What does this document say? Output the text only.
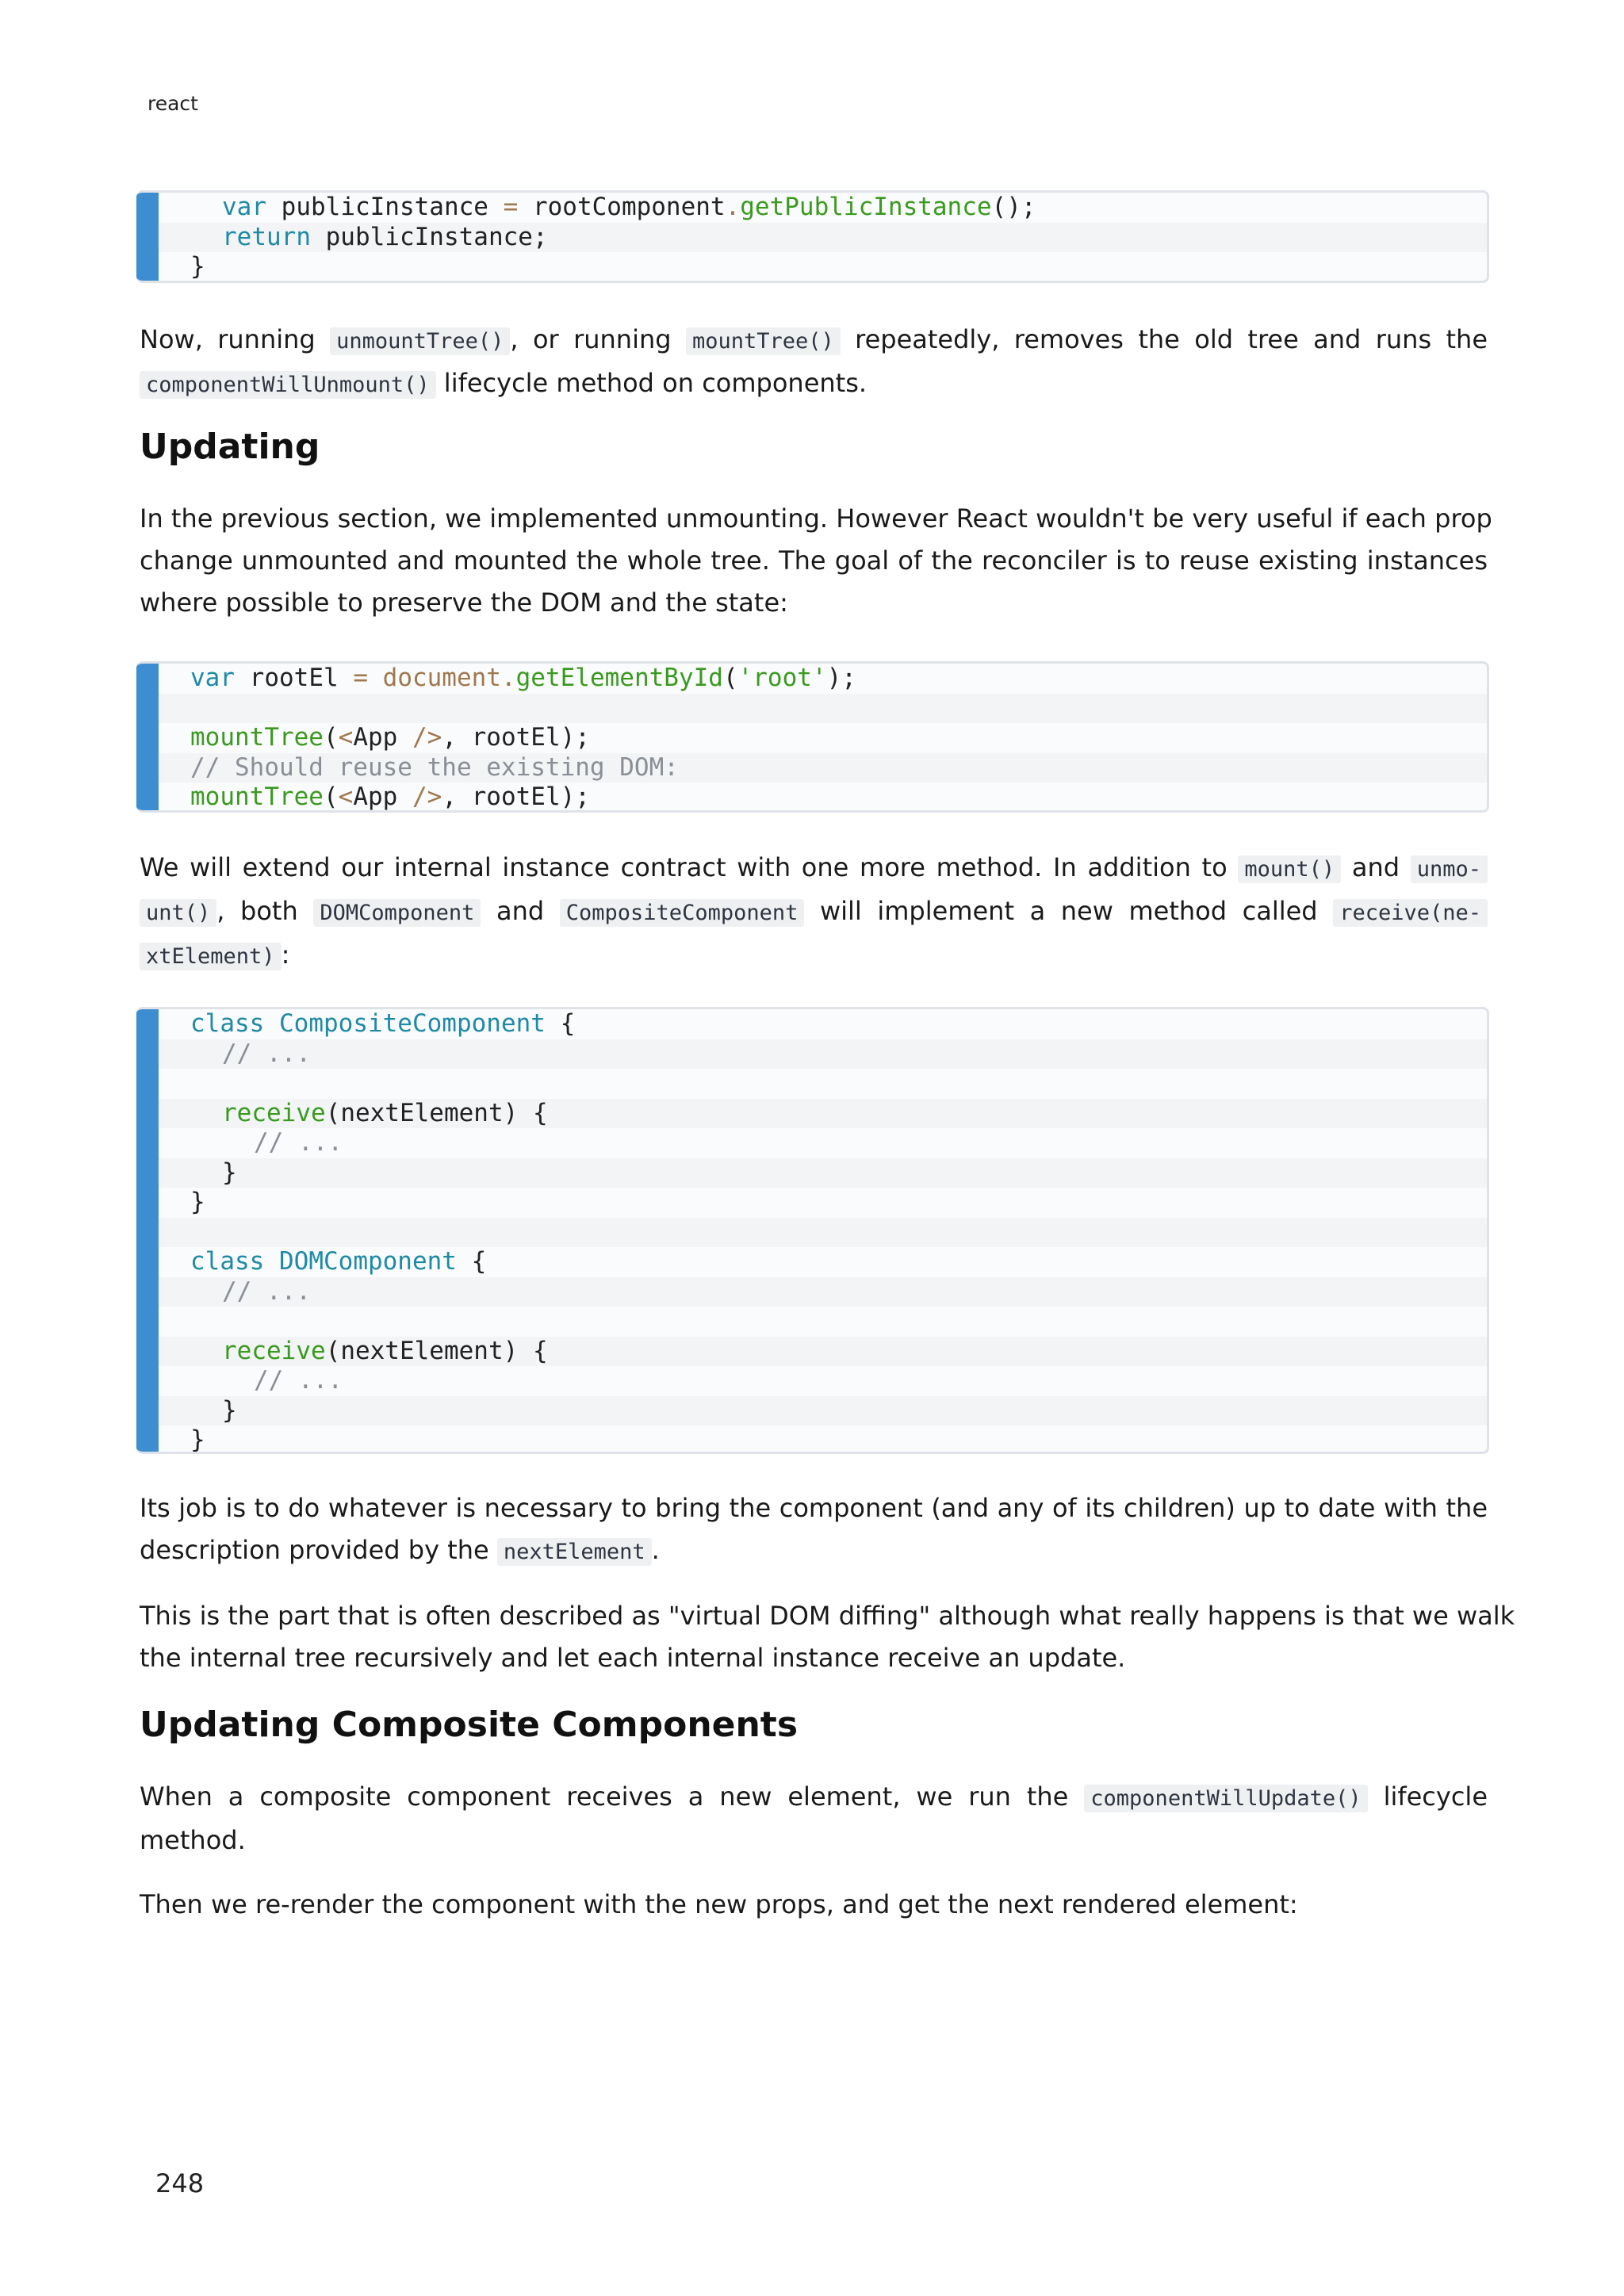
react
var publicInstance = rootComponent.getPublicInstance();
return publicInstance;
}
Now, running unmountTree() , or running mountTree() repeatedly, removes the old tree and runs the
componentWillUnmount() lifecycle method on components.
Updating
In the previous section, we implemented unmounting. However React wouldn't be very useful if each prop
change unmounted and mounted the whole tree. The goal of the reconciler is to reuse existing instances
where possible to preserve the DOM and the state:
var rootEl = document.getElementById('root');

mountTree(<App />, rootEl);
// Should reuse the existing DOM:
mountTree(<App />, rootEl);
We will extend our internal instance contract with one more method. In addition to mount() and unmo-
unt() , both DOMComponent and CompositeComponent will implement a new method called receive(ne-
xtElement) :
class CompositeComponent {
// ...

receive(nextElement) {
// ...
}
}

class DOMComponent {
// ...

receive(nextElement) {
// ...
}
}
Its job is to do whatever is necessary to bring the component (and any of its children) up to date with the
description provided by the nextElement .
This is the part that is often described as "virtual DOM diffing" although what really happens is that we walk
the internal tree recursively and let each internal instance receive an update.
Updating Composite Components
When a composite component receives a new element, we run the componentWillUpdate() lifecycle
method.
Then we re-render the component with the new props, and get the next rendered element:
248
